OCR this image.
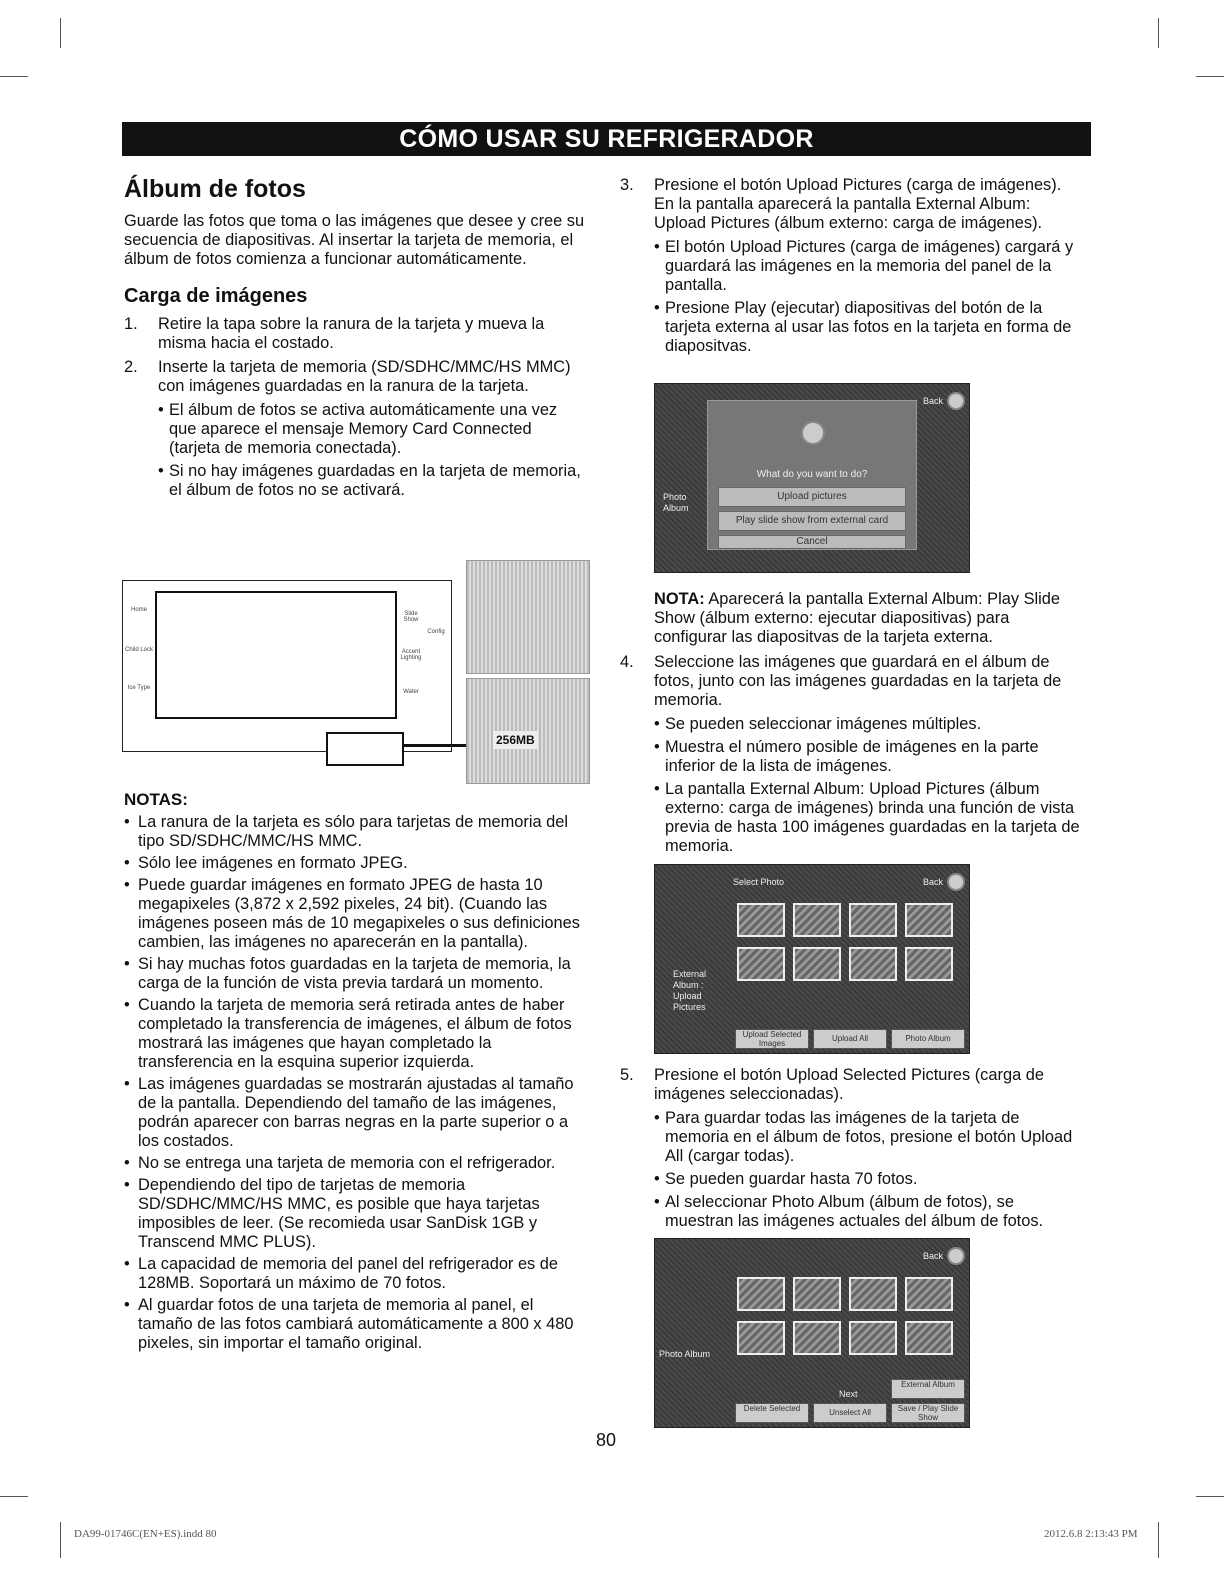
CÓMO USAR SU REFRIGERADOR
Álbum de fotos

Guarde las fotos que toma o las imágenes que desee y cree su secuencia de diapositivas. Al insertar la tarjeta de memoria, el álbum de fotos comienza a funcionar automáticamente.

Carga de imágenes
1.	Retire la tapa sobre la ranura de la tarjeta y mueva la misma hacia el costado.
2.	Inserte la tarjeta de memoria (SD/SDHC/MMC/HS MMC) con imágenes guardadas en la ranura de la tarjeta.
• El álbum de fotos se activa automáticamente una vez que aparece el mensaje Memory Card Connected (tarjeta de memoria conectada).
• Si no hay imágenes guardadas en la tarjeta de memoria, el álbum de fotos no se activará.
Home
Child Lock
Ice Type
Slide Show
Accent Lighting
Water
Config
256MB
NOTAS:
• La ranura de la tarjeta es sólo para tarjetas de memoria del tipo SD/SDHC/MMC/HS MMC.
• Sólo lee imágenes en formato JPEG.
• Puede guardar imágenes en formato JPEG de hasta 10 megapixeles (3,872 x 2,592 pixeles, 24 bit). (Cuando las imágenes poseen más de 10 megapixeles o sus definiciones cambien, las imágenes no aparecerán en la pantalla).
• Si hay muchas fotos guardadas en la tarjeta de memoria, la carga de la función de vista previa tardará un momento.
• Cuando la tarjeta de memoria será retirada antes de haber completado la transferencia de imágenes, el álbum de fotos mostrará las imágenes que hayan completado la transferencia en la esquina superior izquierda.
• Las imágenes guardadas se mostrarán ajustadas al tamaño de la pantalla. Dependiendo del tamaño de las imágenes, podrán aparecer con barras negras en la parte superior o a los costados.
• No se entrega una tarjeta de memoria con el refrigerador.
• Dependiendo del tipo de tarjetas de memoria SD/SDHC/MMC/HS MMC, es posible que haya tarjetas imposibles de leer. (Se recomieda usar SanDisk 1GB y Transcend MMC PLUS).
• La capacidad de memoria del panel del refrigerador es de 128MB. Soportará un máximo de 70 fotos.
• Al guardar fotos de una tarjeta de memoria al panel, el tamaño de las fotos cambiará automáticamente a 800 x 480 pixeles, sin importar el tamaño original.
3.	Presione el botón Upload Pictures (carga de imágenes). En la pantalla aparecerá la pantalla External Album: Upload Pictures (álbum externo: carga de imágenes).
• El botón Upload Pictures (carga de imágenes) cargará y guardará las imágenes en la memoria del panel de la pantalla.
• Presione Play (ejecutar) diapositivas del botón de la tarjeta externa al usar las fotos en la tarjeta en forma de diapositvas.
Back
Photo Album
What do you want to do?
Upload pictures
Play slide show from external card
Cancel

NOTA: Aparecerá la pantalla External Album: Play Slide Show (álbum externo: ejecutar diapositivas) para configurar las diapositvas de la tarjeta externa.

4.	Seleccione las imágenes que guardará en el álbum de fotos, junto con las imágenes guardadas en la tarjeta de memoria.
• Se pueden seleccionar imágenes múltiples.
• Muestra el número posible de imágenes en la parte inferior de la lista de imágenes.
• La pantalla External Album: Upload Pictures (álbum externo: carga de imágenes) brinda una función de vista previa de hasta 100 imágenes guardadas en la tarjeta de memoria.
Select Photo	Back
External Album : Upload Pictures
Upload Selected Images
Upload All	Photo Album
5.	Presione el botón Upload Selected Pictures (carga de imágenes seleccionadas).
• Para guardar todas las imágenes de la tarjeta de memoria en el álbum de fotos, presione el botón Upload All (cargar todas).
• Se pueden guardar hasta 70 fotos.
• Al seleccionar Photo Album (álbum de fotos), se muestran las imágenes actuales del álbum de fotos.
Back
Photo Album
Next
External Album
Delete Selected	Unselect All	Save / Play Slide Show
80
DA99-01746C(EN+ES).indd 80	2012.6.8 2:13:43 PM
